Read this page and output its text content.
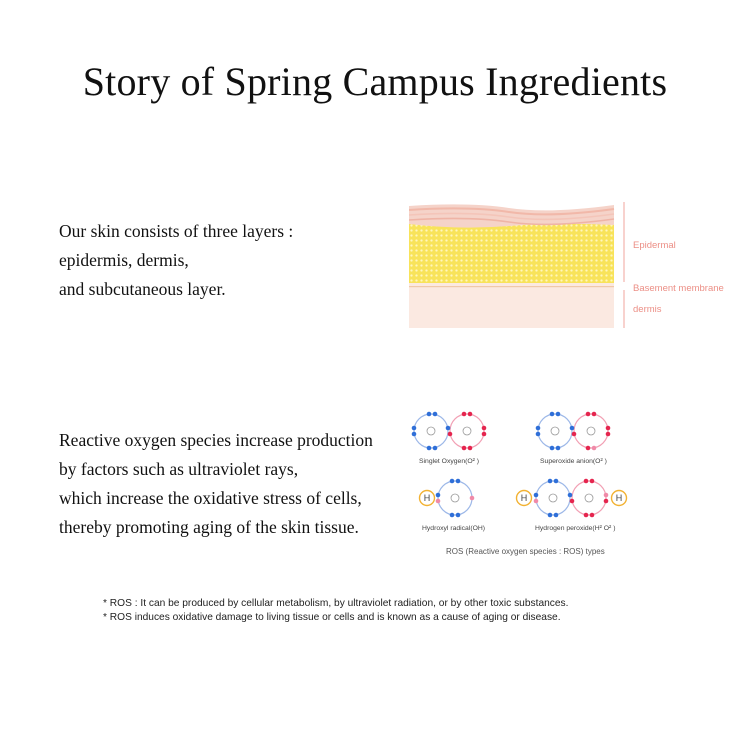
Story of Spring Campus Ingredients
Our skin consists of three layers :
epidermis, dermis,
and subcutaneous layer.
Epidermal
Basement membrane
dermis
Reactive oxygen species increase production
by factors such as ultraviolet rays,
which increase the oxidative stress of cells,
thereby promoting aging of the skin tissue.
H	H	H
Singlet Oxygen(O² )	Superoxide anion(O² )
Hydroxyl radical(OH)	Hydrogen peroxide(H² O² )
ROS (Reactive oxygen species : ROS) types
* ROS : It can be produced by cellular metabolism, by ultraviolet radiation, or by other toxic substances.
* ROS induces oxidative damage to living tissue or cells and is known as a cause of aging or disease.
